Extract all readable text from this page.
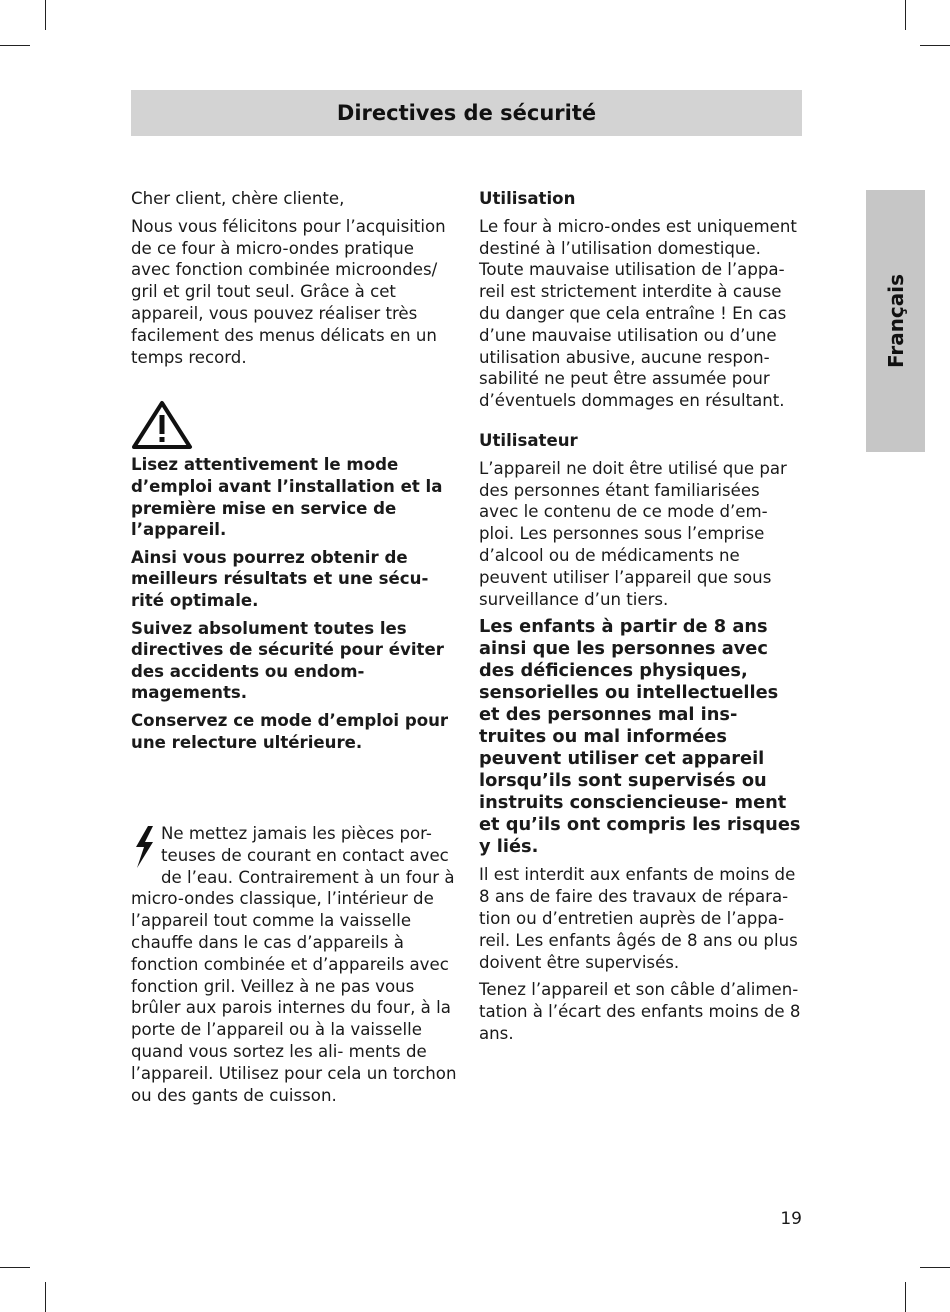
Directives de sécurité
Français

Cher client, chère cliente,

Nous vous félicitons pour l’acquisition de ce four à micro-ondes pratique avec fonction combinée microondes/ gril et gril tout seul. Grâce à cet appareil, vous pouvez réaliser très facilement des menus délicats en un temps record.

Lisez attentivement le mode d’emploi avant l’installation et la première mise en service de l’appareil.

Ainsi vous pourrez obtenir de meilleurs résultats et une sécu- rité optimale.

Suivez absolument toutes les directives de sécurité pour éviter des accidents ou endom- magements.

Conservez ce mode d’emploi pour une relecture ultérieure.

Ne mettez jamais les pièces por- teuses de courant en contact avec de l’eau. Contrairement à un four à micro-ondes classique, l’intérieur de l’appareil tout comme la vaisselle chauffe dans le cas d’appareils à fonction combinée et d’appareils avec fonction gril. Veillez à ne pas vous brûler aux parois internes du four, à la porte de l’appareil ou à la vaisselle quand vous sortez les ali- ments de l’appareil. Utilisez pour cela un torchon ou des gants de cuisson.

Utilisation

Le four à micro-ondes est uniquement destiné à l’utilisation domestique. Toute mauvaise utilisation de l’appa- reil est strictement interdite à cause du danger que cela entraîne ! En cas d’une mauvaise utilisation ou d’une utilisation abusive, aucune respon- sabilité ne peut être assumée pour d’éventuels dommages en résultant.

Utilisateur

L’appareil ne doit être utilisé que par des personnes étant familiarisées avec le contenu de ce mode d’em- ploi. Les personnes sous l’emprise d’alcool ou de médicaments ne peuvent utiliser l’appareil que sous surveillance d’un tiers.

Les enfants à partir de 8 ans ainsi que les personnes avec des déficiences physiques, sensorielles ou intellectuelles et des personnes mal ins- truites ou mal informées peuvent utiliser cet appareil lorsqu’ils sont supervisés ou instruits consciencieuse- ment et qu’ils ont compris les risques y liés.

Il est interdit aux enfants de moins de 8 ans de faire des travaux de répara- tion ou d’entretien auprès de l’appa- reil. Les enfants âgés de 8 ans ou plus doivent être supervisés.

Tenez l’appareil et son câble d’alimen- tation à l’écart des enfants moins de 8 ans.

19
